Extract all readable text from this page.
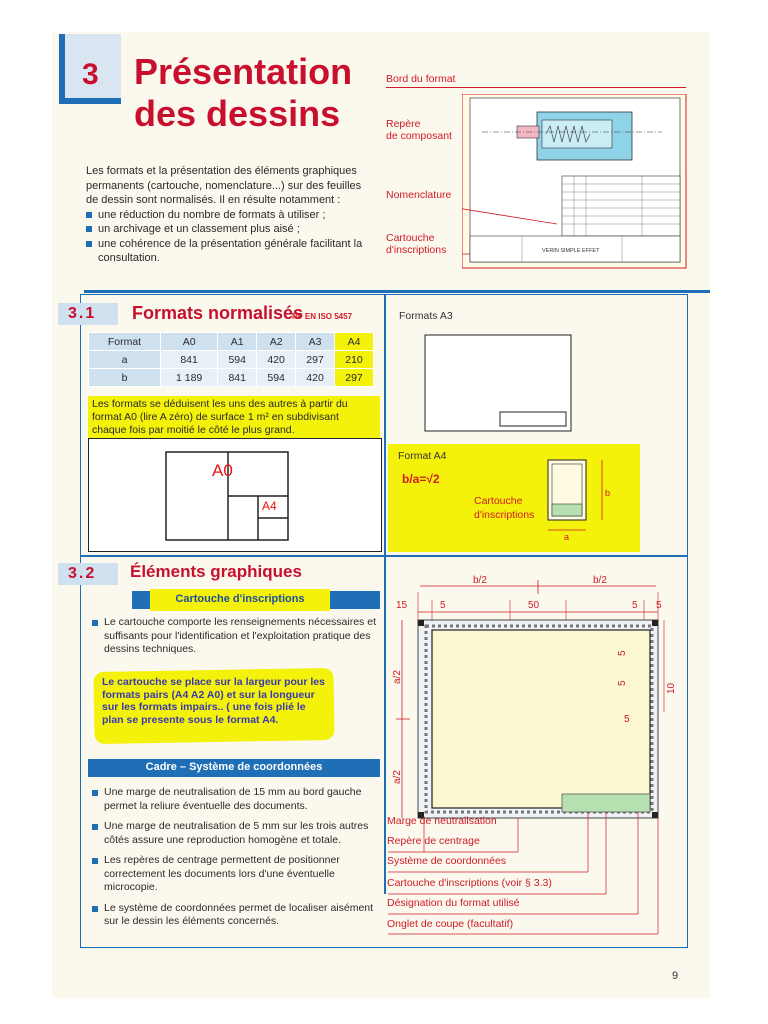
3 Présentation
des dessins

Les formats et la présentation des éléments graphiques permanents (cartouche, nomenclature...) sur des feuilles de dessin sont normalisés. Il en résulte notamment :

une réduction du nombre de formats à utiliser ;
un archivage et un classement plus aisé ;
une cohérence de la présentation générale facilitant la consultation.
Bord du format
Repère
de composant
Nomenclature
Cartouche
d'inscriptions	VERIN SIMPLE EFFET
3.1 Formats normalisés
NF EN ISO 5457
Format	A0	A1	A2	A3	A4
a	841	594	420	297	210
b	1 189	841	594	420	297
Les formats se déduisent les uns des autres à partir du format A0 (lire A zéro) de surface 1 m² en subdivisant chaque fois par moitié le côté le plus grand.
A0
A4
Formats A3
Format A4
b/a=√2
Cartouche
d'inscriptions
b
a
3.2 Éléments graphiques
Cartouche d'inscriptions
Le cartouche comporte les renseignements nécessaires et suffisants pour l'identification et l'exploitation pratique des dessins techniques.
Le cartouche se place sur la largeur pour les formats pairs (A4 A2 A0) et sur la longueur sur les formats impairs.. ( une fois plié le plan se presente sous le format A4.
Cadre – Système de coordonnées
Une marge de neutralisation de 15 mm au bord gauche permet la reliure éventuelle des documents.
Une marge de neutralisation de 5 mm sur les trois autres côtés assure une reproduction homogène et totale.
Les repères de centrage permettent de positionner correctement les documents lors d'une éventuelle microcopie.
Le système de coordonnées permet de localiser aisément sur le dessin les éléments concernés.
b/2	b/2
15	5	50	5 5
5
5	10
5
a/2
a/2
Marge de neutralisation
Repère de centrage
Système de coordonnées
Cartouche d'inscriptions (voir § 3.3)
Désignation du format utilisé
Onglet de coupe (facultatif)
9
